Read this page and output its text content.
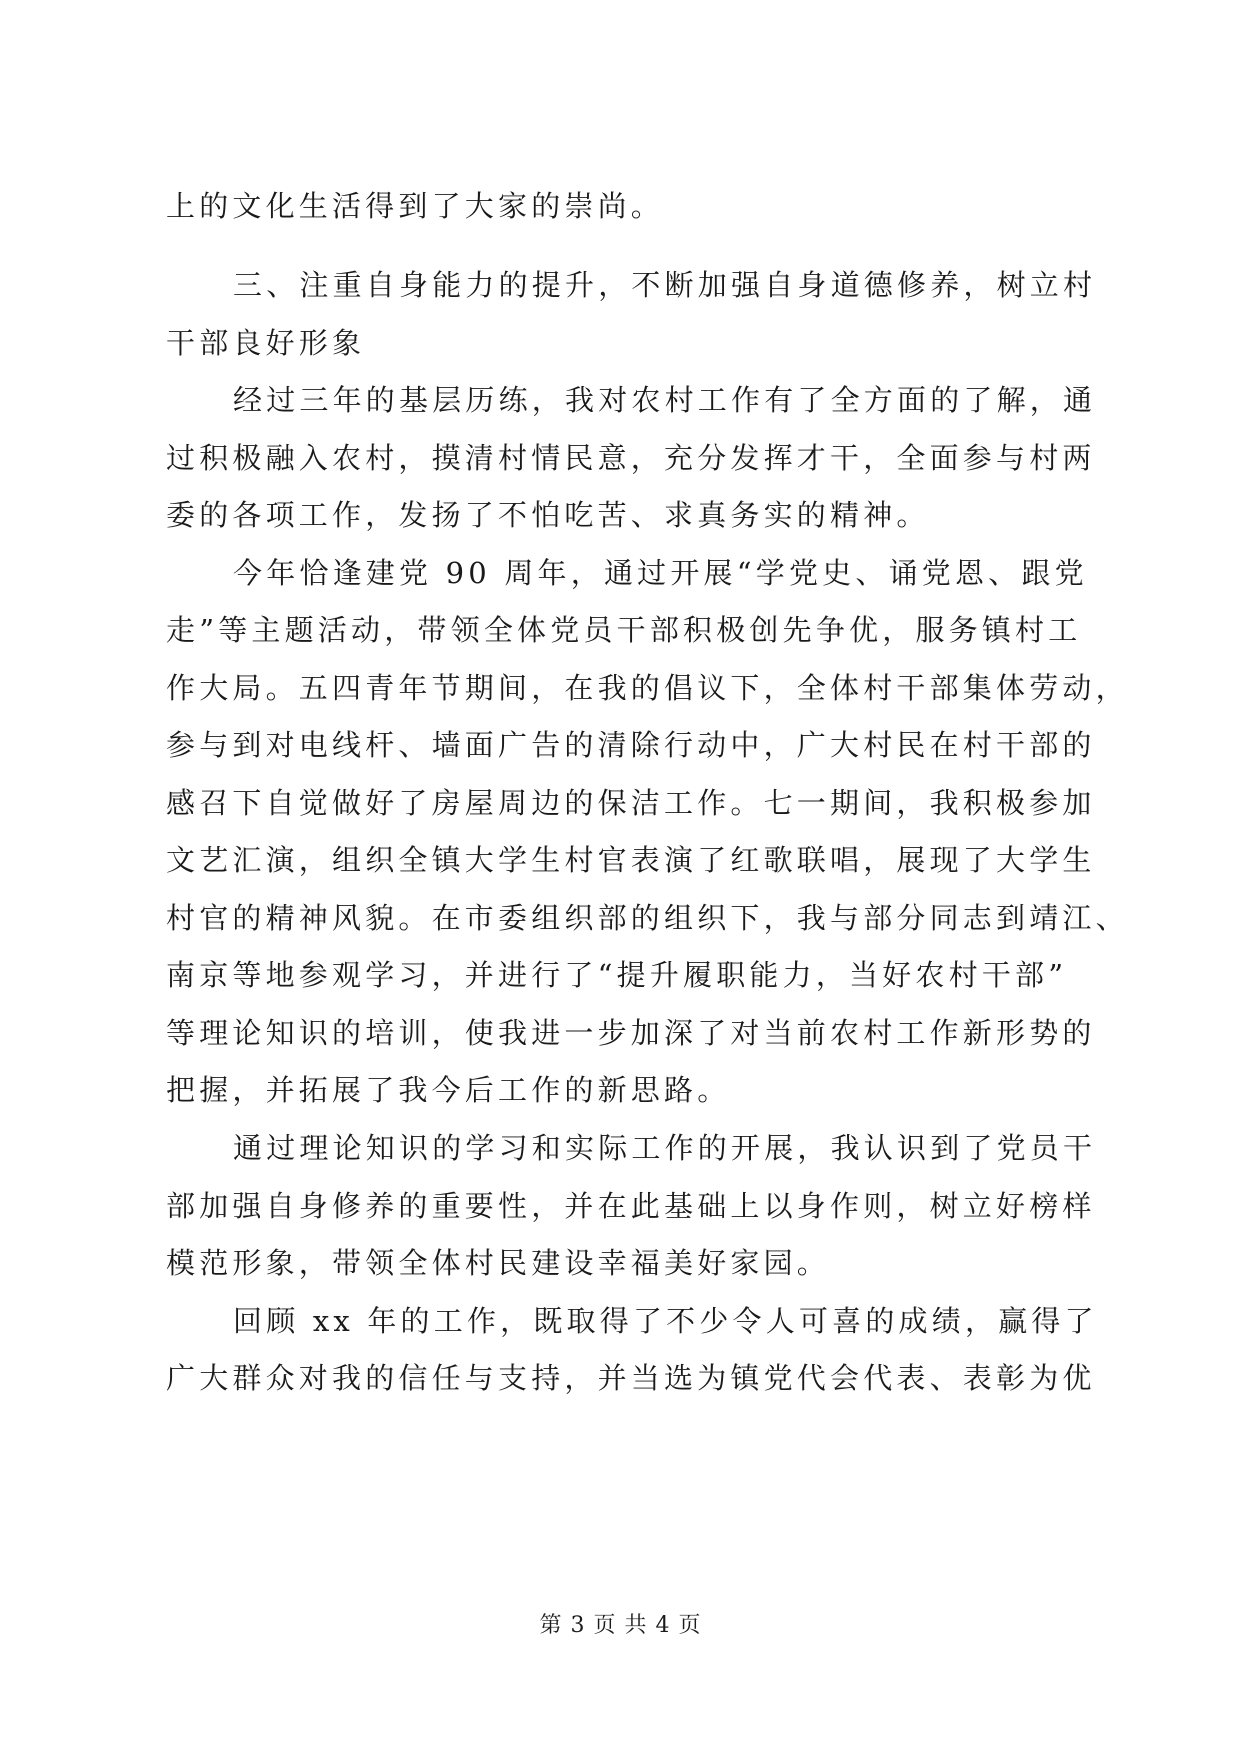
上的文化生活得到了大家的崇尚。
三、注重自身能力的提升，不断加强自身道德修养，树立村
干部良好形象
经过三年的基层历练，我对农村工作有了全方面的了解，通
过积极融入农村，摸清村情民意，充分发挥才干，全面参与村两
委的各项工作，发扬了不怕吃苦、求真务实的精神。
今年恰逢建党 90 周年，通过开展“学党史、诵党恩、跟党
走”等主题活动，带领全体党员干部积极创先争优，服务镇村工
作大局。五四青年节期间，在我的倡议下，全体村干部集体劳动，
参与到对电线杆、墙面广告的清除行动中，广大村民在村干部的
感召下自觉做好了房屋周边的保洁工作。七一期间，我积极参加
文艺汇演，组织全镇大学生村官表演了红歌联唱，展现了大学生
村官的精神风貌。在市委组织部的组织下，我与部分同志到靖江、
南京等地参观学习，并进行了“提升履职能力，当好农村干部”
等理论知识的培训，使我进一步加深了对当前农村工作新形势的
把握，并拓展了我今后工作的新思路。
通过理论知识的学习和实际工作的开展，我认识到了党员干
部加强自身修养的重要性，并在此基础上以身作则，树立好榜样
模范形象，带领全体村民建设幸福美好家园。
回顾 xx 年的工作，既取得了不少令人可喜的成绩，赢得了
广大群众对我的信任与支持，并当选为镇党代会代表、表彰为优
第 3 页 共 4 页
